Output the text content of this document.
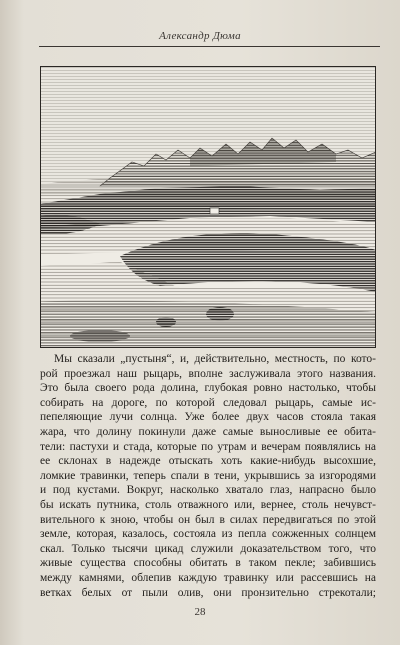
Александр Дюма
Мы сказали „пустыня“, и, действительно, местность, по кото-
рой проезжал наш рыцарь, вполне заслуживала этого названия.
Это была своего рода долина, глубокая ровно настолько, чтобы
собирать на дороге, по которой следовал рыцарь, самые ис-
пепеляющие лучи солнца. Уже более двух часов стояла такая
жара, что долину покинули даже самые выносливые ее обита-
тели: пастухи и стада, которые по утрам и вечерам появлялись на
ее склонах в надежде отыскать хоть какие-нибудь высохшие,
ломкие травинки, теперь спали в тени, укрывшись за изгородями
и под кустами. Вокруг, насколько хватало глаз, напрасно было
бы искать путника, столь отважного или, вернее, столь нечувст-
вительного к зною, чтобы он был в силах передвигаться по этой
земле, которая, казалось, состояла из пепла сожженных солнцем
скал. Только тысячи цикад служили доказательством того, что
живые существа способны обитать в таком пекле; забившись
между камнями, облепив каждую травинку или рассевшись на
ветках белых от пыли олив, они пронзительно стрекотали;
28
